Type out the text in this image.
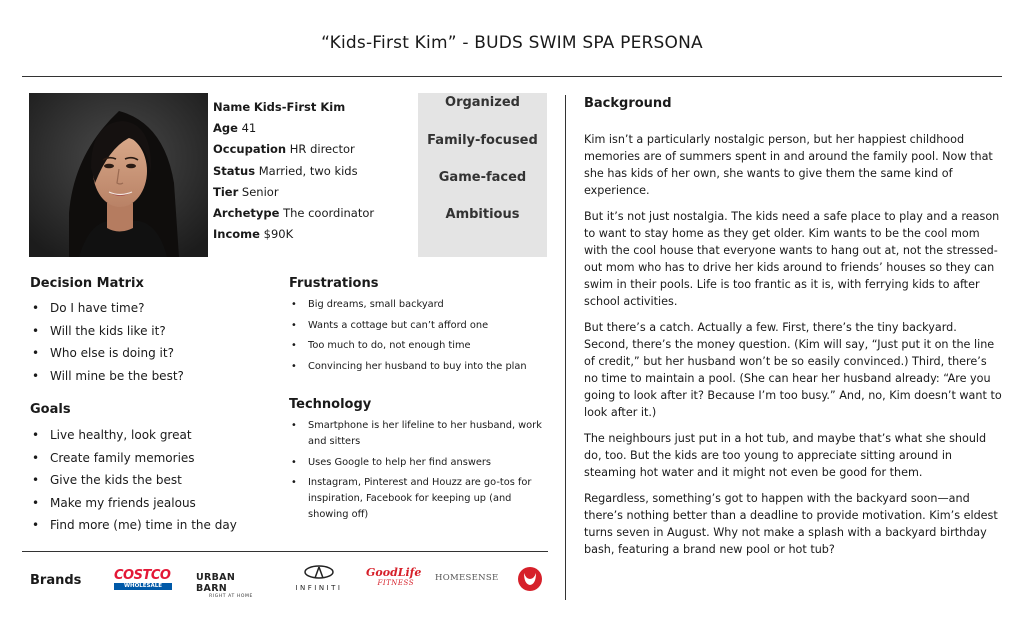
“Kids-First Kim” - BUDS SWIM SPA PERSONA
Name Kids-First Kim
Age 41
Occupation HR director
Status Married, two kids
Tier Senior
Archetype The coordinator
Income $90K
Organized
Family-focused
Game-faced
Ambitious
Decision Matrix
• Do I have time?
• Will the kids like it?
• Who else is doing it?
• Will mine be the best?
Goals
• Live healthy, look great
• Create family memories
• Give the kids the best
• Make my friends jealous
• Find more (me) time in the day
Frustrations
• Big dreams, small backyard
• Wants a cottage but can’t afford one
• Too much to do, not enough time
• Convincing her husband to buy into the plan
Technology
• Smartphone is her lifeline to her husband, work and sitters
• Uses Google to help her find answers
• Instagram, Pinterest and Houzz are go-tos for inspiration, Facebook for keeping up (and showing off)
Brands	COSTCO
WHOLESALE
URBAN BARN
RIGHT AT HOME
INFINITI
GoodLife
FITNESS	HOMESENSE
Background

Kim isn’t a particularly nostalgic person, but her happiest childhood memories are of summers spent in and around the family pool. Now that she has kids of her own, she wants to give them the same kind of experience.

But it’s not just nostalgia. The kids need a safe place to play and a reason to want to stay home as they get older. Kim wants to be the cool mom with the cool house that everyone wants to hang out at, not the stressed-out mom who has to drive her kids around to friends’ houses so they can swim in their pools. Life is too frantic as it is, with ferrying kids to after school activities.

But there’s a catch. Actually a few. First, there’s the tiny backyard. Second, there’s the money question. (Kim will say, “Just put it on the line of credit,” but her husband won’t be so easily convinced.) Third, there’s no time to maintain a pool. (She can hear her husband already: “Are you going to look after it? Because I’m too busy.” And, no, Kim doesn’t want to look after it.)

The neighbours just put in a hot tub, and maybe that’s what she should do, too. But the kids are too young to appreciate sitting around in steaming hot water and it might not even be good for them.

Regardless, something’s got to happen with the backyard soon—and there’s nothing better than a deadline to provide motivation. Kim’s eldest turns seven in August. Why not make a splash with a backyard birthday bash, featuring a brand new pool or hot tub?
